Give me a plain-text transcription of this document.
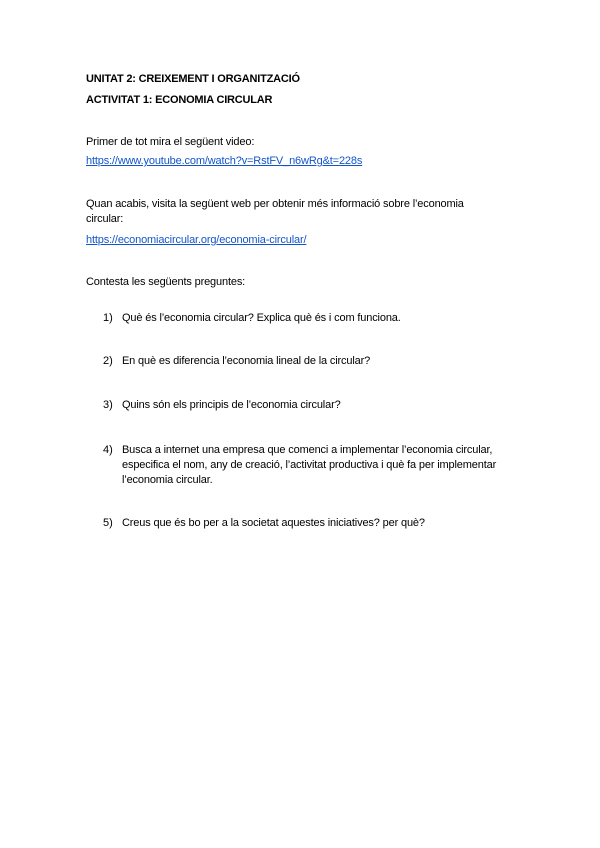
UNITAT 2: CREIXEMENT I ORGANITZACIÓ
ACTIVITAT 1: ECONOMIA CIRCULAR
Primer de tot mira el següent video:
https://www.youtube.com/watch?v=RstFV_n6wRg&t=228s
Quan acabis, visita la següent web per obtenir més informació sobre l’economia circular:
https://economiacircular.org/economia-circular/
Contesta les següents preguntes:
1) Què és l’economia circular? Explica què és i com funciona.
2) En què es diferencia l’economia lineal de la circular?
3) Quins són els principis de l’economia circular?
4) Busca a internet una empresa que comenci a implementar l’economia circular, especifica el nom, any de creació, l’activitat productiva i què fa per implementar l’economia circular.
5) Creus que és bo per a la societat aquestes iniciatives? per què?
